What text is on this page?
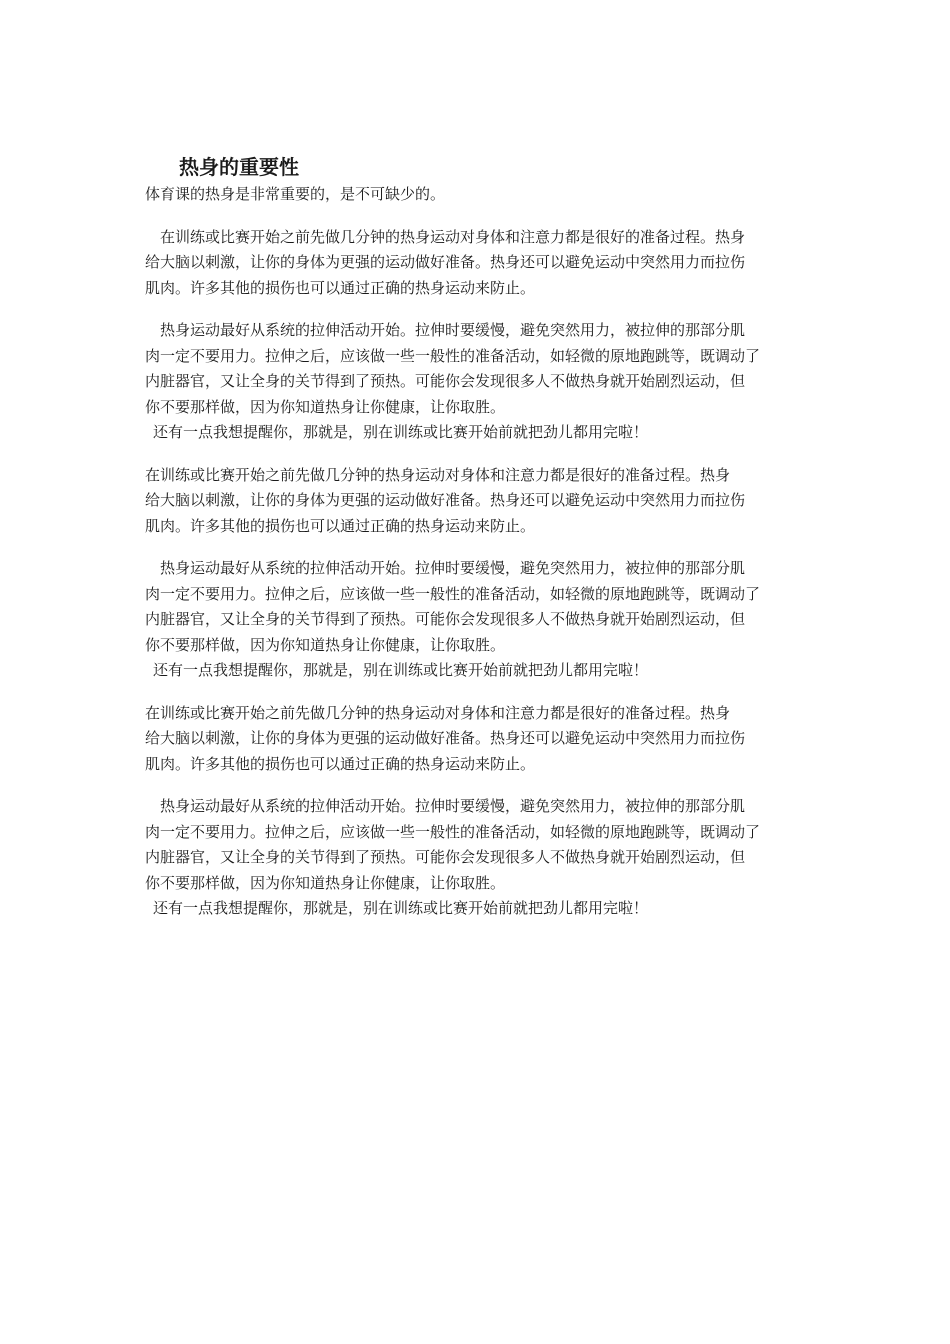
热身的重要性
体育课的热身是非常重要的，是不可缺少的。
在训练或比赛开始之前先做几分钟的热身运动对身体和注意力都是很好的准备过程。热身
给大脑以刺激，让你的身体为更强的运动做好准备。热身还可以避免运动中突然用力而拉伤
肌肉。许多其他的损伤也可以通过正确的热身运动来防止。
热身运动最好从系统的拉伸活动开始。拉伸时要缓慢，避免突然用力，被拉伸的那部分肌
肉一定不要用力。拉伸之后，应该做一些一般性的准备活动，如轻微的原地跑跳等，既调动了
内脏器官，又让全身的关节得到了预热。可能你会发现很多人不做热身就开始剧烈运动，但
你不要那样做，因为你知道热身让你健康，让你取胜。
还有一点我想提醒你，那就是，别在训练或比赛开始前就把劲儿都用完啦！
在训练或比赛开始之前先做几分钟的热身运动对身体和注意力都是很好的准备过程。热身
给大脑以刺激，让你的身体为更强的运动做好准备。热身还可以避免运动中突然用力而拉伤
肌肉。许多其他的损伤也可以通过正确的热身运动来防止。
热身运动最好从系统的拉伸活动开始。拉伸时要缓慢，避免突然用力，被拉伸的那部分肌
肉一定不要用力。拉伸之后，应该做一些一般性的准备活动，如轻微的原地跑跳等，既调动了
内脏器官，又让全身的关节得到了预热。可能你会发现很多人不做热身就开始剧烈运动，但
你不要那样做，因为你知道热身让你健康，让你取胜。
还有一点我想提醒你，那就是，别在训练或比赛开始前就把劲儿都用完啦！
在训练或比赛开始之前先做几分钟的热身运动对身体和注意力都是很好的准备过程。热身
给大脑以刺激，让你的身体为更强的运动做好准备。热身还可以避免运动中突然用力而拉伤
肌肉。许多其他的损伤也可以通过正确的热身运动来防止。
热身运动最好从系统的拉伸活动开始。拉伸时要缓慢，避免突然用力，被拉伸的那部分肌
肉一定不要用力。拉伸之后，应该做一些一般性的准备活动，如轻微的原地跑跳等，既调动了
内脏器官，又让全身的关节得到了预热。可能你会发现很多人不做热身就开始剧烈运动，但
你不要那样做，因为你知道热身让你健康，让你取胜。
还有一点我想提醒你，那就是，别在训练或比赛开始前就把劲儿都用完啦！
